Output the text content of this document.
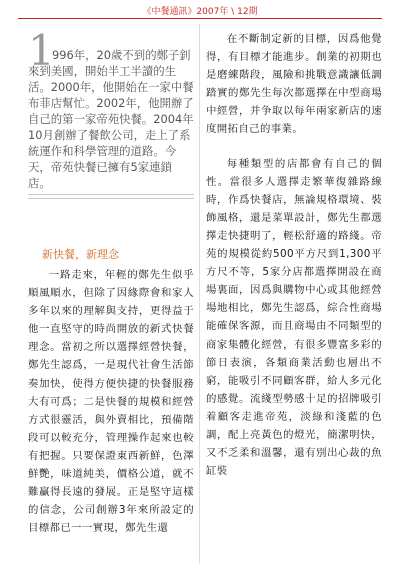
《中餐通訊》2007年 \ 12期
1

996年，20歲不到的鄭子釗來到美國，開始半工半讀的生活。2000年，他開始在一家中餐布菲店幫忙。2002年，他開辦了自己的第一家帝苑快餐。2004年10月創辦了餐飲公司，走上了系統運作和科學管理的道路。今天，帝苑快餐已擁有5家連鎖店。

新快餐，新理念

一路走來，年輕的鄭先生似乎順風順水，但除了因緣際會和家人多年以來的理解與支持，更得益于他一直堅守的時尚開放的新式快餐理念。當初之所以選擇經營快餐，鄭先生認爲，一是現代社會生活節奏加快，使得方便快捷的快餐服務大有可爲；二是快餐的規模和經營方式很靈活，與外賣相比，預備階段可以較充分，管理操作起來也較有把握。只要保證東西新鮮，色澤鮮艷，味道純美，價格公道，就不難贏得長遠的發展。正是堅守這樣的信念，公司創辦3年來所設定的目標都已一一實現，鄭先生還

在不斷制定新的目標，因爲他覺得，有目標才能進步。創業的初期也是磨練階段，風險和挑戰意識讓低調踏實的鄭先生每次都選擇在中型商場中經營，并争取以每年兩家新店的速度開拓自己的事業。

每種類型的店都會有自己的個性。當很多人選擇走繁華復雜路線時，作爲快餐店，無論規格環境、裝飾風格，還是菜單設計，鄭先生都選擇走快捷明了，輕松舒適的路綫。帝苑的規模從約500平方尺到1,300平方尺不等，5家分店都選擇開設在商場裏面，因爲與購物中心或其他經營場地相比，鄭先生認爲，綜合性商場能確保客源，而且商場由不同類型的商家集體化經營，有很多豐富多彩的節日表演，各類商業活動也層出不窮，能吸引不同顧客群，給人多元化的感覺。流綫型勢感十足的招牌吸引着顧客走進帝苑，淡綠和淺藍的色調，配上亮黃色的燈光，簡潔明快，又不乏柔和溫馨，還有別出心裁的魚缸裝
